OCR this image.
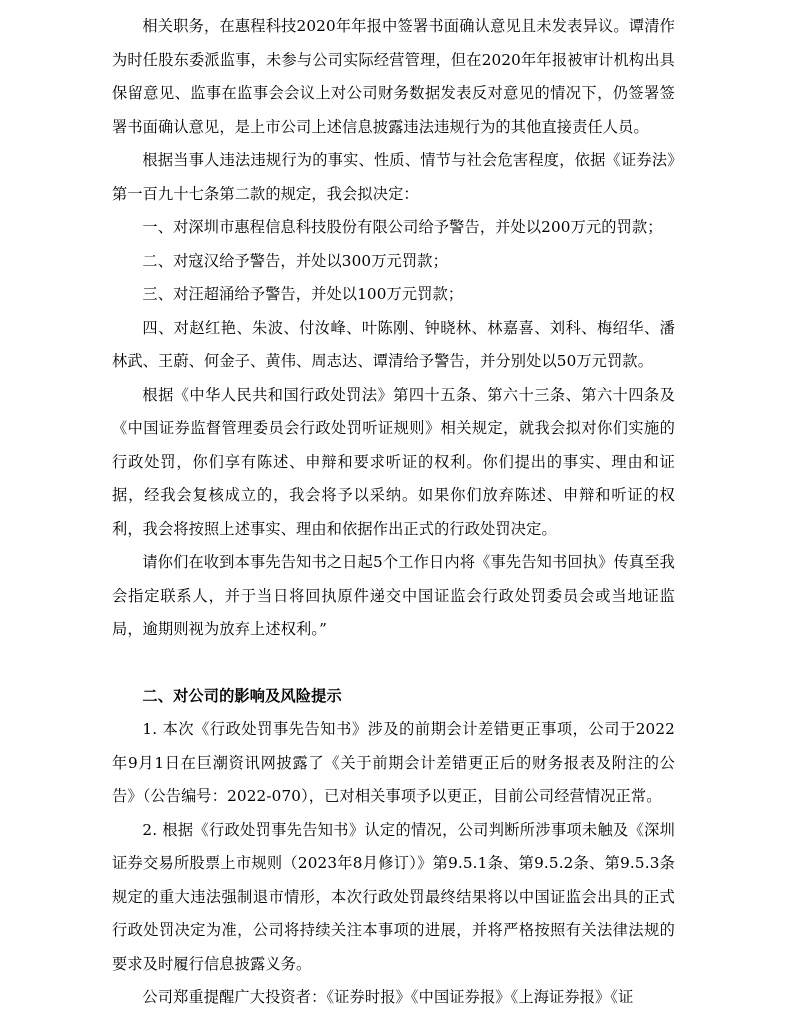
相关职务，在惠程科技2020年年报中签署书面确认意见且未发表异议。谭清作为时任股东委派监事，未参与公司实际经营管理，但在2020年年报被审计机构出具保留意见、监事在监事会会议上对公司财务数据发表反对意见的情况下，仍签署签署书面确认意见，是上市公司上述信息披露违法违规行为的其他直接责任人员。

根据当事人违法违规行为的事实、性质、情节与社会危害程度，依据《证券法》第一百九十七条第二款的规定，我会拟决定：

一、对深圳市惠程信息科技股份有限公司给予警告，并处以200万元的罚款；

二、对寇汉给予警告，并处以300万元罚款；

三、对汪超涌给予警告，并处以100万元罚款；

四、对赵红艳、朱波、付汝峰、叶陈刚、钟晓林、林嘉喜、刘科、梅绍华、潘林武、王蔚、何金子、黄伟、周志达、谭清给予警告，并分别处以50万元罚款。

根据《中华人民共和国行政处罚法》第四十五条、第六十三条、第六十四条及《中国证券监督管理委员会行政处罚听证规则》相关规定，就我会拟对你们实施的行政处罚，你们享有陈述、申辩和要求听证的权利。你们提出的事实、理由和证据，经我会复核成立的，我会将予以采纳。如果你们放弃陈述、申辩和听证的权利，我会将按照上述事实、理由和依据作出正式的行政处罚决定。

请你们在收到本事先告知书之日起5个工作日内将《事先告知书回执》传真至我会指定联系人，并于当日将回执原件递交中国证监会行政处罚委员会或当地证监局，逾期则视为放弃上述权利。”

二、对公司的影响及风险提示

1. 本次《行政处罚事先告知书》涉及的前期会计差错更正事项，公司于2022年9月1日在巨潮资讯网披露了《关于前期会计差错更正后的财务报表及附注的公告》（公告编号：2022-070），已对相关事项予以更正，目前公司经营情况正常。

2. 根据《行政处罚事先告知书》认定的情况，公司判断所涉事项未触及《深圳证券交易所股票上市规则（2023年8月修订）》第9.5.1条、第9.5.2条、第9.5.3条规定的重大违法强制退市情形，本次行政处罚最终结果将以中国证监会出具的正式行政处罚决定为准，公司将持续关注本事项的进展，并将严格按照有关法律法规的要求及时履行信息披露义务。

公司郑重提醒广大投资者：《证券时报》《中国证券报》《上海证券报》《证
